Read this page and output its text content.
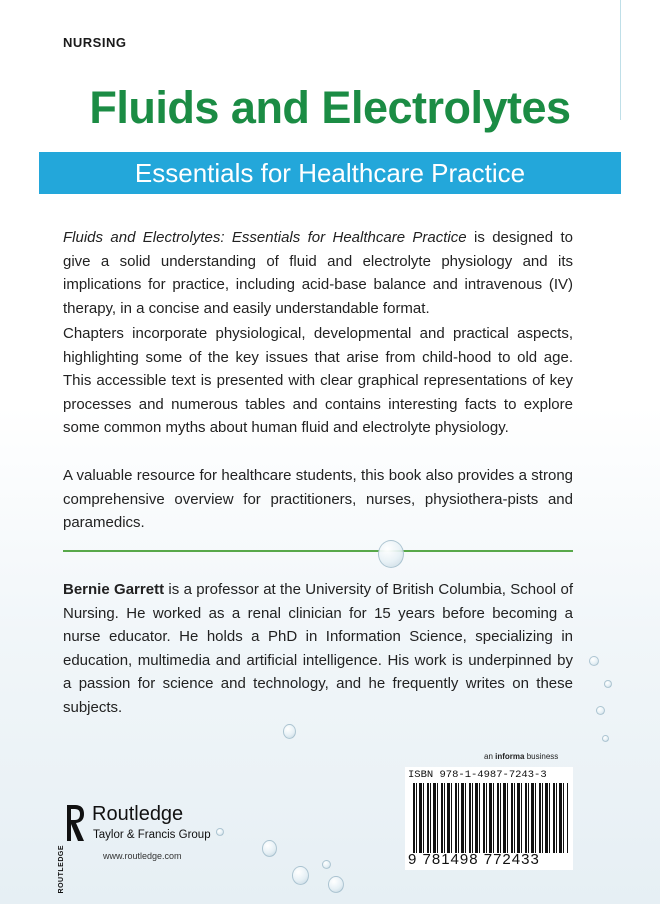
NURSING
Fluids and Electrolytes
Essentials for Healthcare Practice

Fluids and Electrolytes: Essentials for Healthcare Practice is designed to give a solid understanding of fluid and electrolyte physiology and its implications for practice, including acid-base balance and intravenous (IV) therapy, in a concise and easily understandable format.

Chapters incorporate physiological, developmental and practical aspects, highlighting some of the key issues that arise from child-hood to old age. This accessible text is presented with clear graphical representations of key processes and numerous tables and contains interesting facts to explore some common myths about human fluid and electrolyte physiology.

A valuable resource for healthcare students, this book also provides a strong comprehensive overview for practitioners, nurses, physiothera-pists and paramedics.

Bernie Garrett is a professor at the University of British Columbia, School of Nursing. He worked as a renal clinician for 15 years before becoming a nurse educator. He holds a PhD in Information Science, specializing in education, multimedia and artificial intelligence. His work is underpinned by a passion for science and technology, and he frequently writes on these subjects.

an informa business
ISBN 978-1-4987-7243-3
9 781498 772433
ROUTLEDGE
Routledge
Taylor & Francis Group
www.routledge.com
